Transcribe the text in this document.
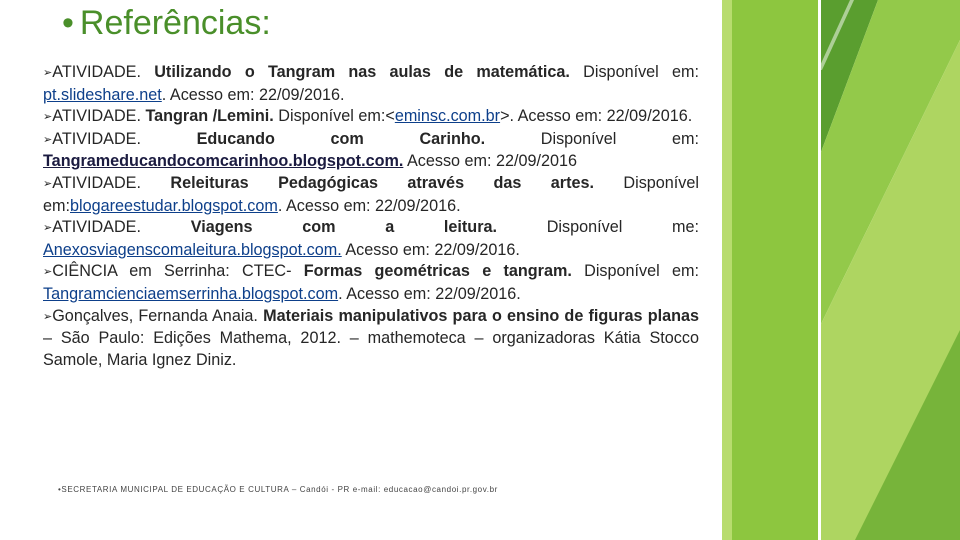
• Referências:
➢ATIVIDADE. Utilizando o Tangram nas aulas de matemática. Disponível em: pt.slideshare.net. Acesso em: 22/09/2016.
➢ATIVIDADE. Tangran /Lemini. Disponível em:<eminsc.com.br>. Acesso em: 22/09/2016.
➢ATIVIDADE. Educando com Carinho. Disponível em: Tangrameducandocomcarinhoo.blogspot.com. Acesso em: 22/09/2016
➢ATIVIDADE. Releituras Pedagógicas através das artes. Disponível em:blogareestudar.blogspot.com. Acesso em: 22/09/2016.
➢ATIVIDADE. Viagens com a leitura. Disponível me: Anexosviagenscomaleitura.blogspot.com. Acesso em: 22/09/2016.
➢CIÊNCIA em Serrinha: CTEC- Formas geométricas e tangram. Disponível em: Tangramcienciaemserrinha.blogspot.com. Acesso em: 22/09/2016.
➢Gonçalves, Fernanda Anaia. Materiais manipulativos para o ensino de figuras planas – São Paulo: Edições Mathema, 2012. – mathemoteca – organizadoras Kátia Stocco Samole, Maria Ignez Diniz.
•SECRETARIA MUNICIPAL DE EDUCAÇÃO E CULTURA – Candói - PR e-mail: educacao@candoi.pr.gov.br
